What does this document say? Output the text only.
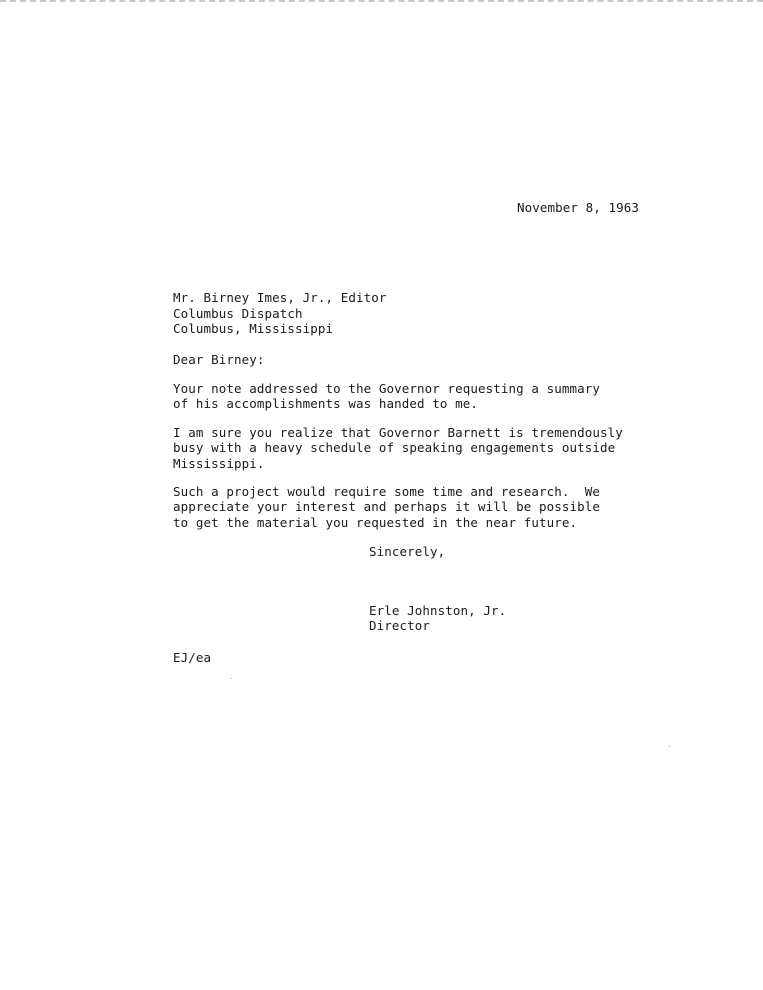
November 8, 1963
Mr. Birney Imes, Jr., Editor
Columbus Dispatch
Columbus, Mississippi
Dear Birney:
Your note addressed to the Governor requesting a summary
of his accomplishments was handed to me.
I am sure you realize that Governor Barnett is tremendously
busy with a heavy schedule of speaking engagements outside
Mississippi.
Such a project would require some time and research.  We
appreciate your interest and perhaps it will be possible
to get the material you requested in the near future.
Sincerely,
Erle Johnston, Jr.
Director
EJ/ea
